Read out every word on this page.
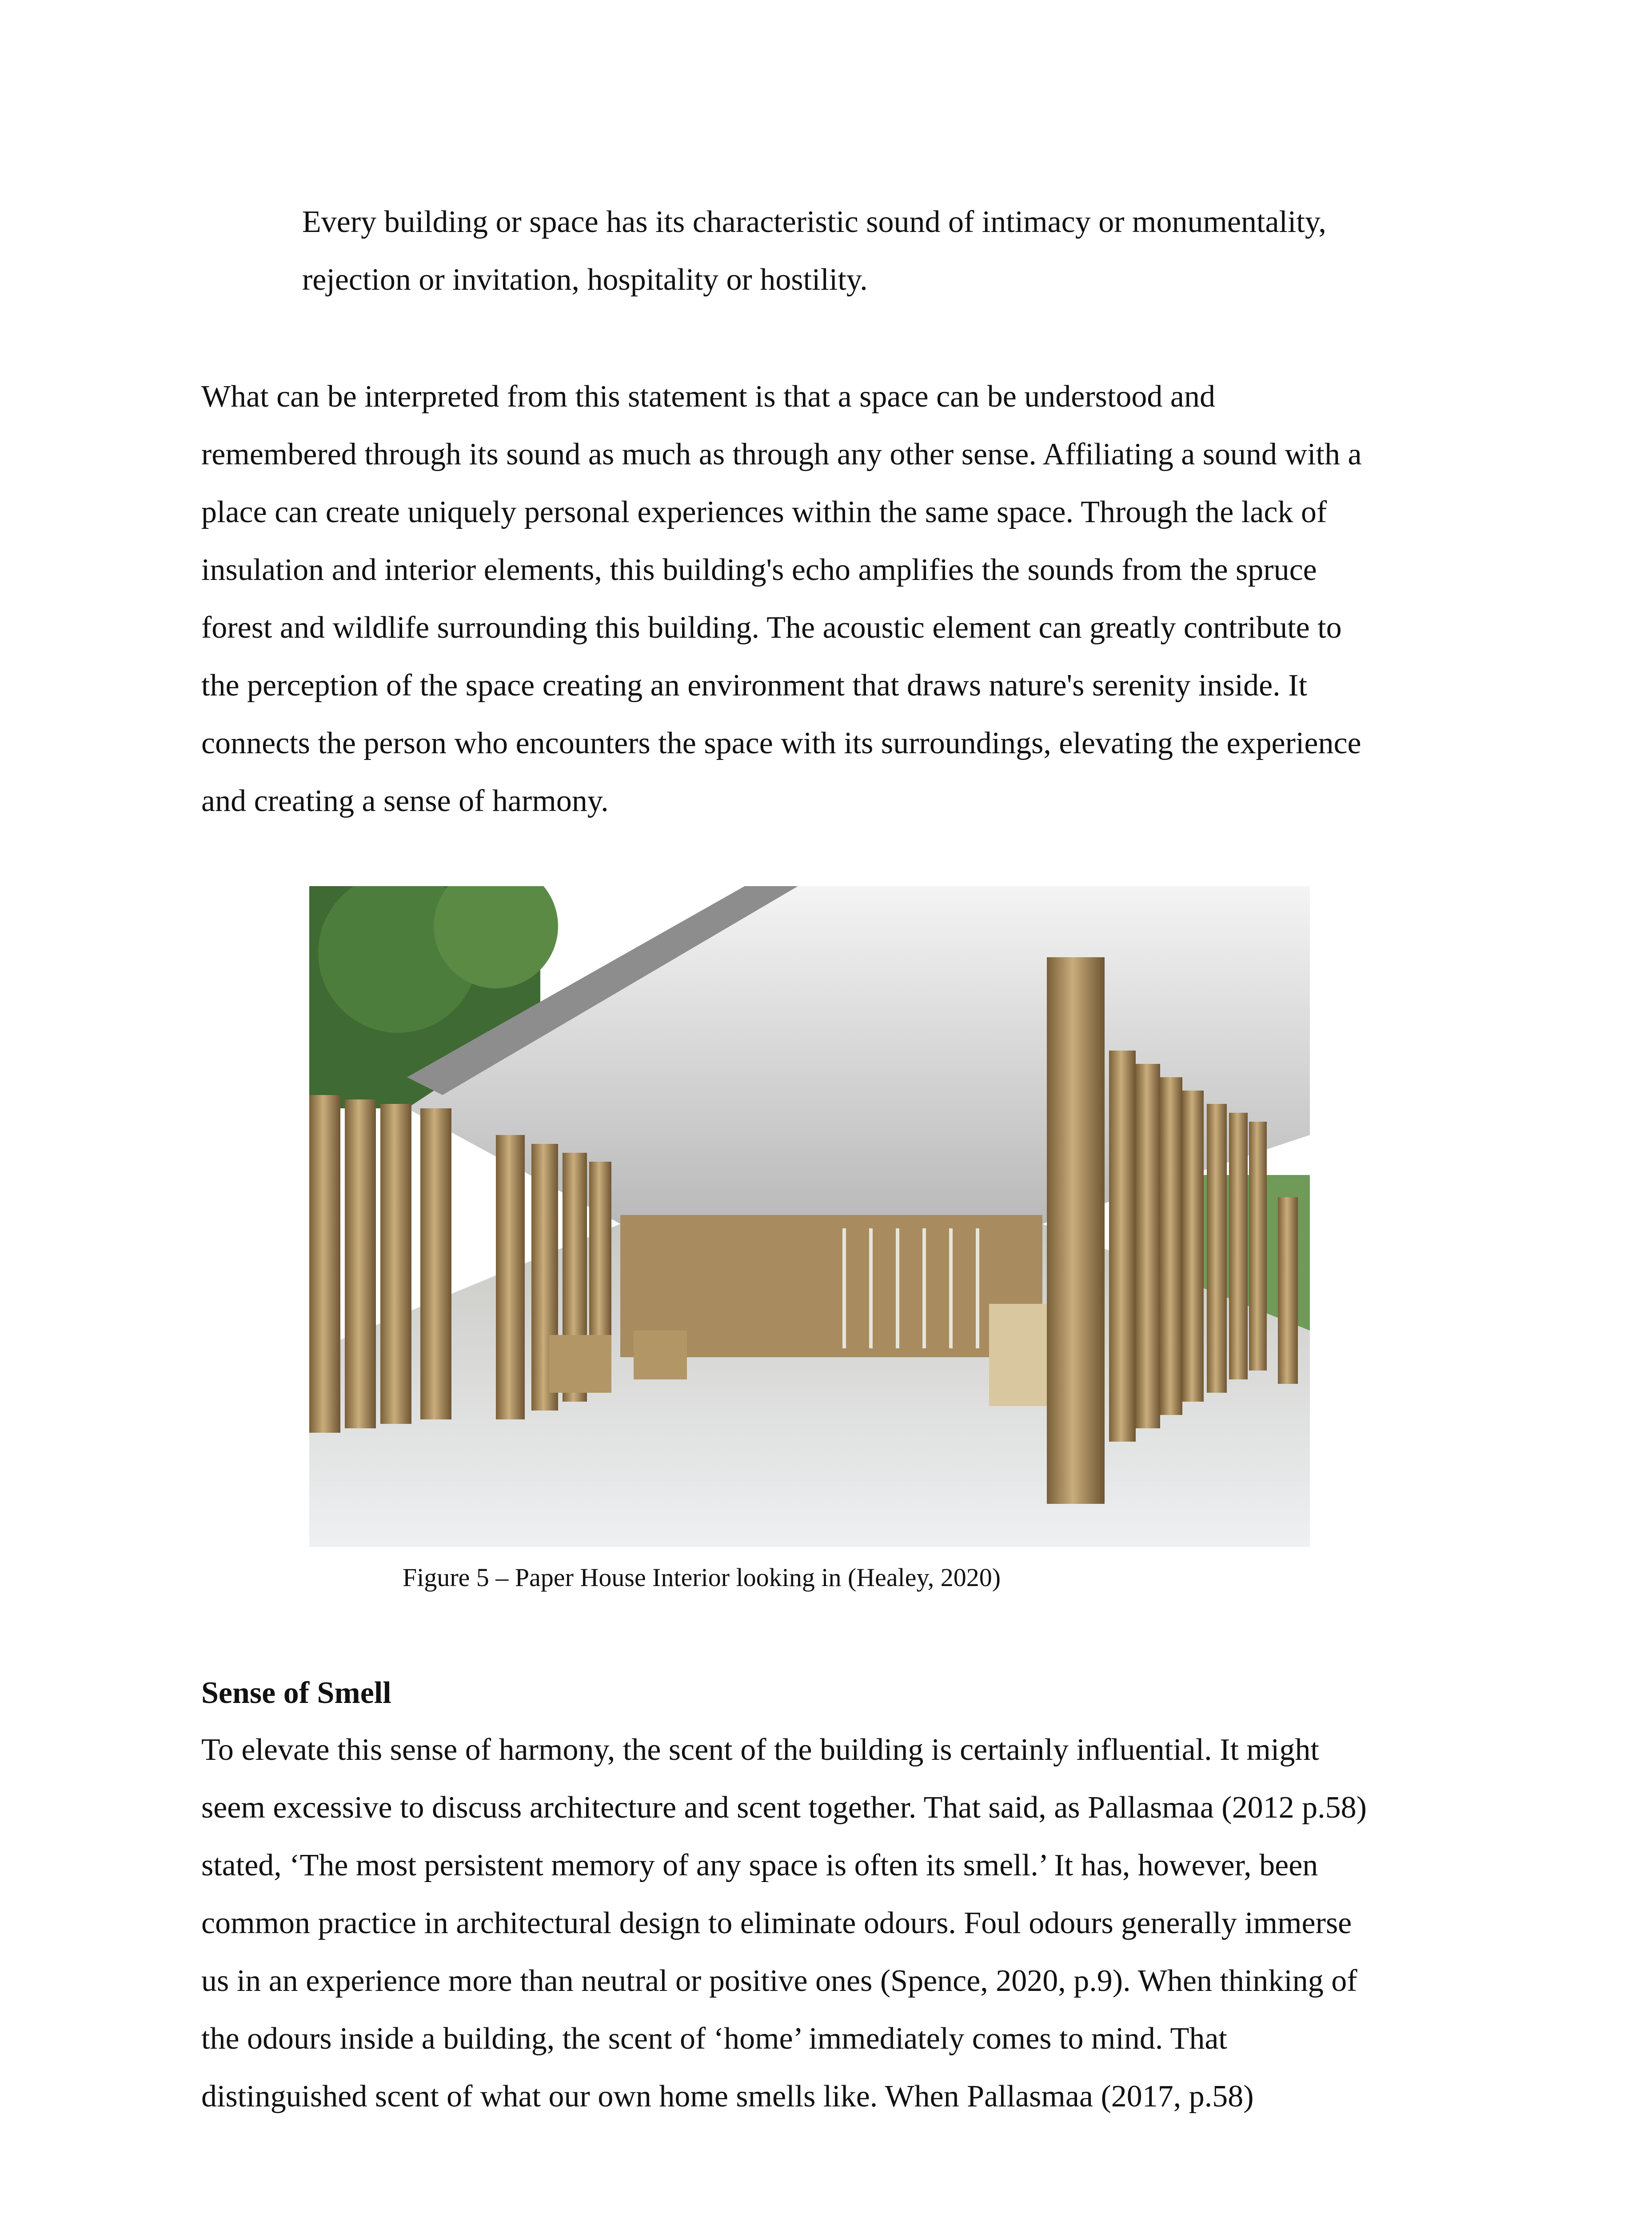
Every building or space has its characteristic sound of intimacy or monumentality,
rejection or invitation, hospitality or hostility.
What can be interpreted from this statement is that a space can be understood and
remembered through its sound as much as through any other sense. Affiliating a sound with a
place can create uniquely personal experiences within the same space. Through the lack of
insulation and interior elements, this building's echo amplifies the sounds from the spruce
forest and wildlife surrounding this building. The acoustic element can greatly contribute to
the perception of the space creating an environment that draws nature's serenity inside. It
connects the person who encounters the space with its surroundings, elevating the experience
and creating a sense of harmony.
Figure 5 – Paper House Interior looking in (Healey, 2020)
Sense of Smell
To elevate this sense of harmony, the scent of the building is certainly influential. It might
seem excessive to discuss architecture and scent together. That said, as Pallasmaa (2012 p.58)
stated, ‘The most persistent memory of any space is often its smell.’ It has, however, been
common practice in architectural design to eliminate odours. Foul odours generally immerse
us in an experience more than neutral or positive ones (Spence, 2020, p.9). When thinking of
the odours inside a building, the scent of ‘home’ immediately comes to mind. That
distinguished scent of what our own home smells like. When Pallasmaa (2017, p.58)
